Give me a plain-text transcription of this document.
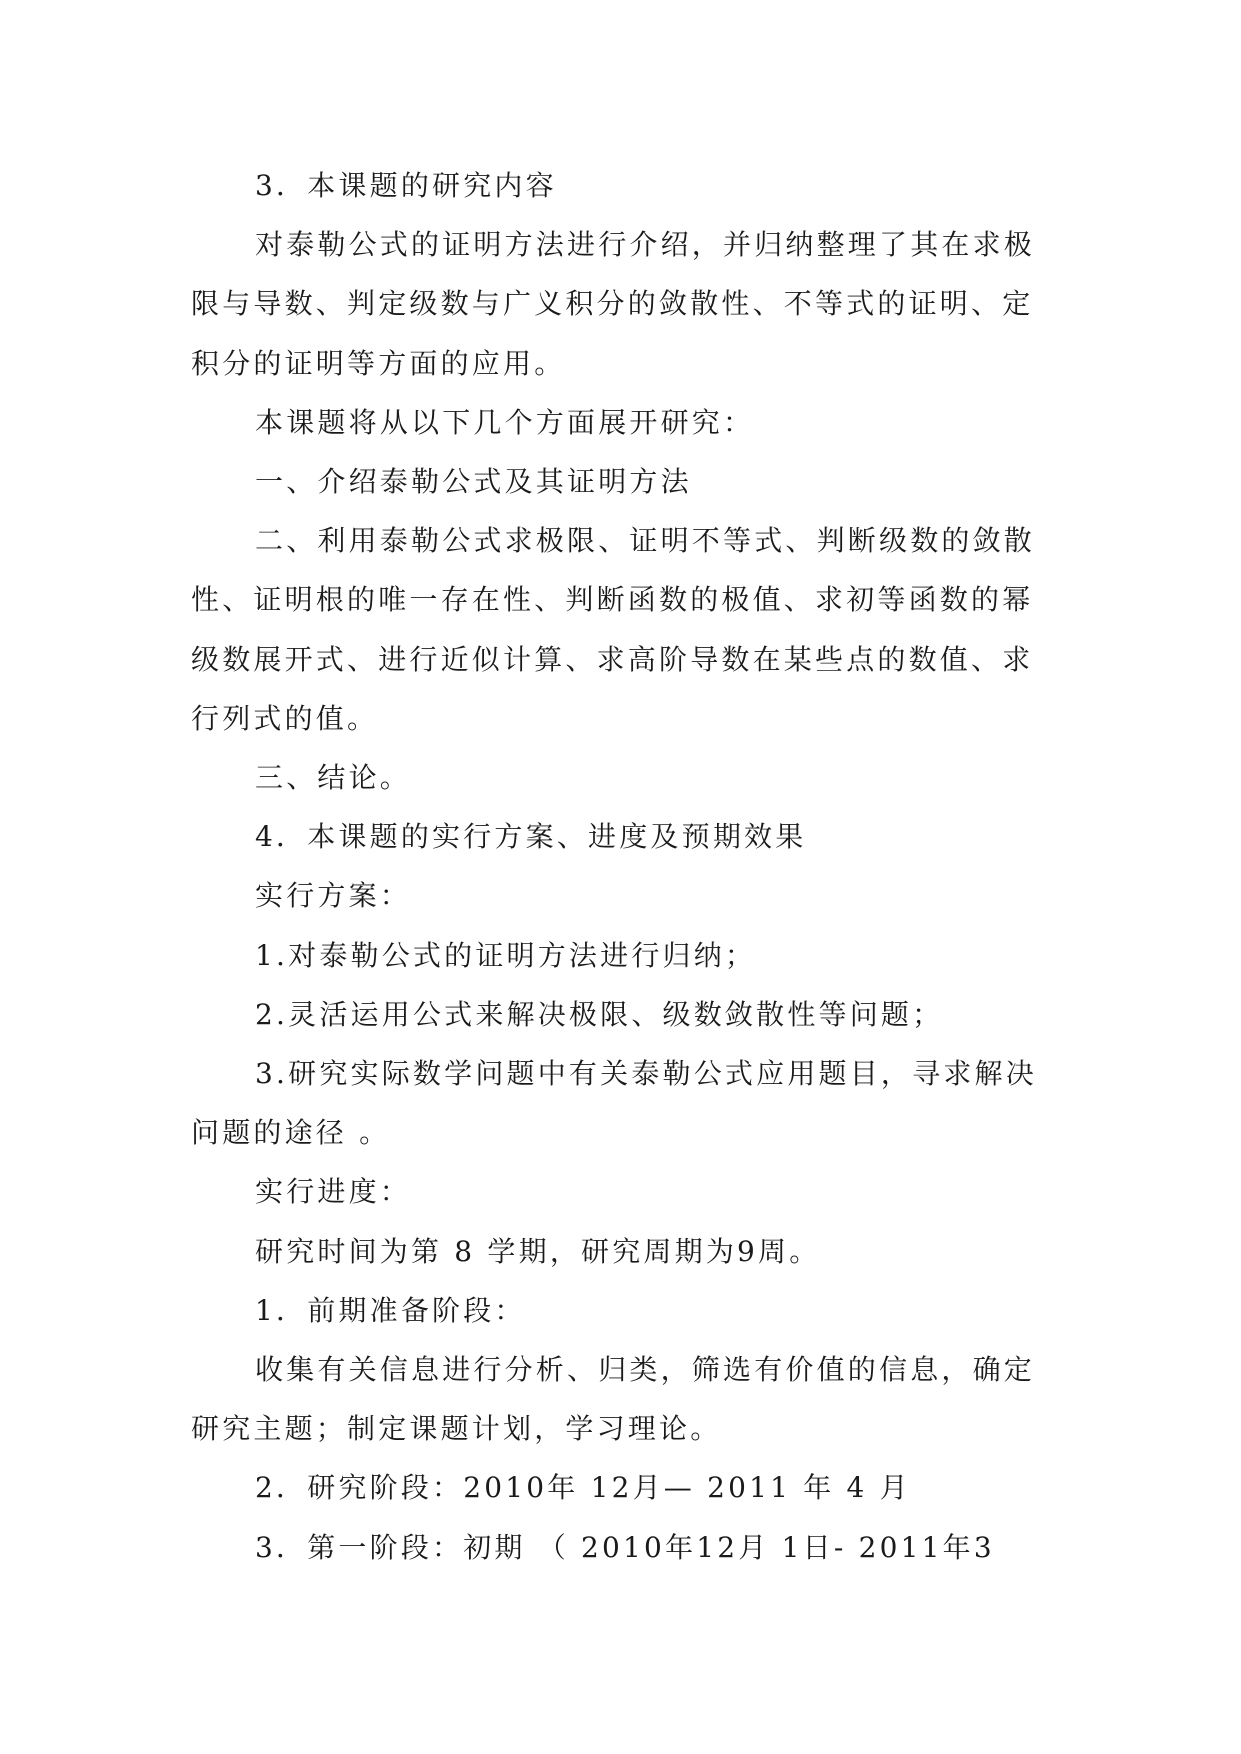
3．本课题的研究内容

对泰勒公式的证明方法进行介绍，并归纳整理了其在求极限与导数、判定级数与广义积分的敛散性、不等式的证明、定积分的证明等方面的应用。

本课题将从以下几个方面展开研究：

一、介绍泰勒公式及其证明方法

二、利用泰勒公式求极限、证明不等式、判断级数的敛散性、证明根的唯一存在性、判断函数的极值、求初等函数的幂级数展开式、进行近似计算、求高阶导数在某些点的数值、求行列式的值。

三、结论。

4．本课题的实行方案、进度及预期效果

实行方案：

1.对泰勒公式的证明方法进行归纳；

2.灵活运用公式来解决极限、级数敛散性等问题；

3.研究实际数学问题中有关泰勒公式应用题目，寻求解决问题的途径 。

实行进度：

研究时间为第 8 学期，研究周期为9周。

1．前期准备阶段：

收集有关信息进行分析、归类，筛选有价值的信息，确定研究主题；制定课题计划，学习理论。

2．研究阶段：2010年 12月— 2011 年 4 月

3．第一阶段：初期 （ 2010年12月 1日- 2011年3
